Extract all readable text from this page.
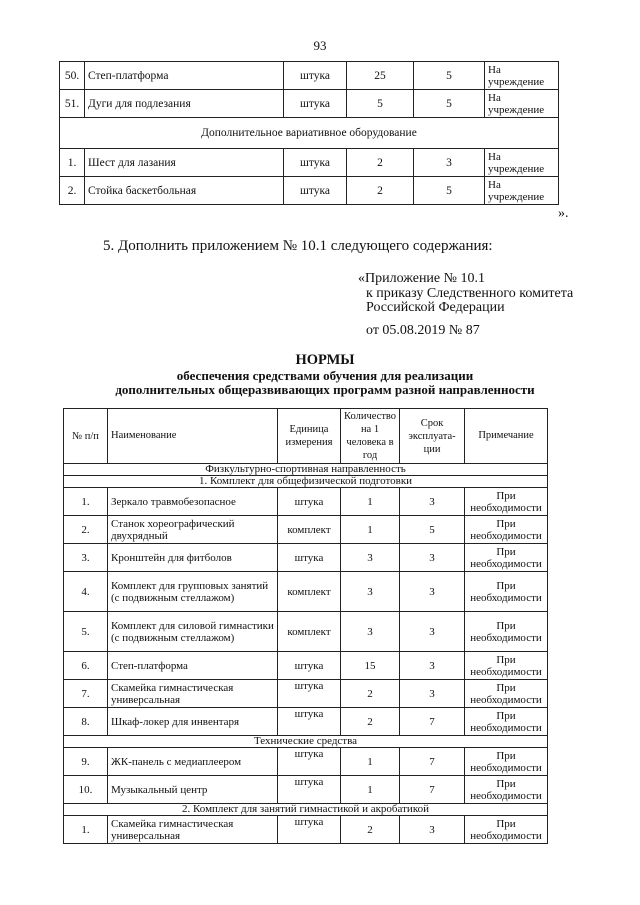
93
50.	Степ-платформа	штука	25	5	На учреждение
51.	Дуги для подлезания	штука	5	5	На учреждение
Дополнительное вариативное оборудование					
1.	Шест для лазания	штука	2	3	На учреждение
2.	Стойка баскетбольная	штука	2	5	На учреждение
».
5. Дополнить приложением № 10.1 следующего содержания:
«Приложение № 10.1
к приказу Следственного комитета
Российской Федерации
от 05.08.2019 № 87
НОРМЫ
обеспечения средствами обучения для реализации
дополнительных общеразвивающих программ разной направленности
№ п/п	Наименование	Единица измерения	Количество на 1 человека в год	Срок эксплуата-ции	Примечание
Физкультурно-спортивная направленность					
1. Комплект для общефизической подготовки					
1.	Зеркало травмобезопасное	штука	1	3	При необходимости
2.	Станок хореографический двухрядный	комплект	1	5	При необходимости
3.	Кронштейн для фитболов	штука	3	3	При необходимости
4.	Комплект для групповых занятий (с подвижным стеллажом)	комплект	3	3	При необходимости
5.	Комплект для силовой гимнастики (с подвижным стеллажом)	комплект	3	3	При необходимости
6.	Степ-платформа	штука	15	3	При необходимости
7.	Скамейка гимнастическая универсальная	штука	2	3	При необходимости
8.	Шкаф-локер для инвентаря	штука	2	7	При необходимости
Технические средства					
9.	ЖК-панель с медиаплеером	штука	1	7	При необходимости
10.	Музыкальный центр	штука	1	7	При необходимости
2. Комплект для занятий гимнастикой и акробатикой					
1.	Скамейка гимнастическая универсальная	штука	2	3	При необходимости
